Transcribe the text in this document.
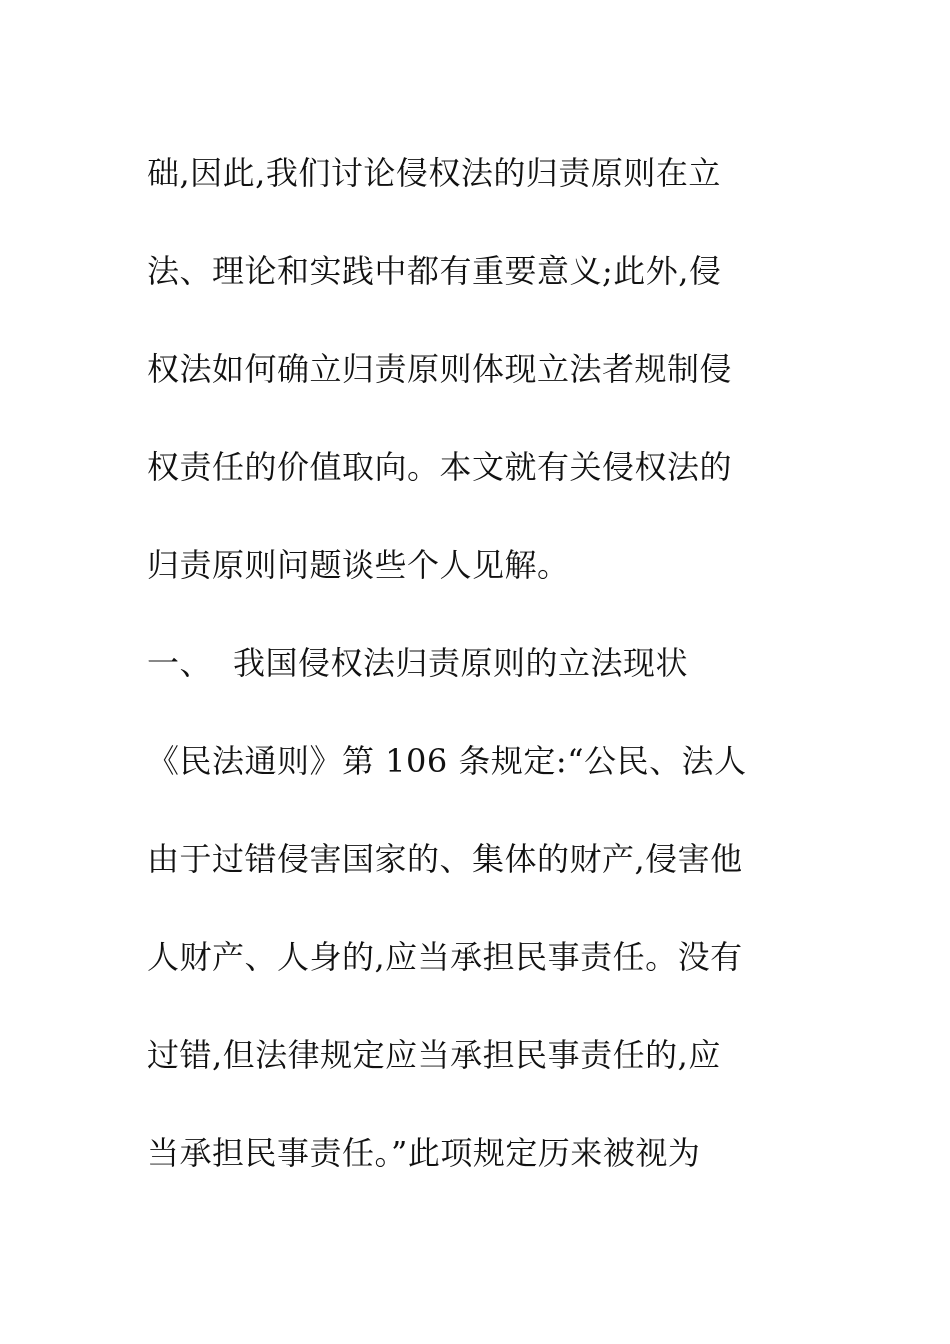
础,因此,我们讨论侵权法的归责原则在立
法、理论和实践中都有重要意义;此外,侵
权法如何确立归责原则体现立法者规制侵
权责任的价值取向。本文就有关侵权法的
归责原则问题谈些个人见解。
一、 我国侵权法归责原则的立法现状
《民法通则》第 106 条规定:“公民、法人
由于过错侵害国家的、集体的财产,侵害他
人财产、人身的,应当承担民事责任。没有
过错,但法律规定应当承担民事责任的,应
当承担民事责任。”此项规定历来被视为
